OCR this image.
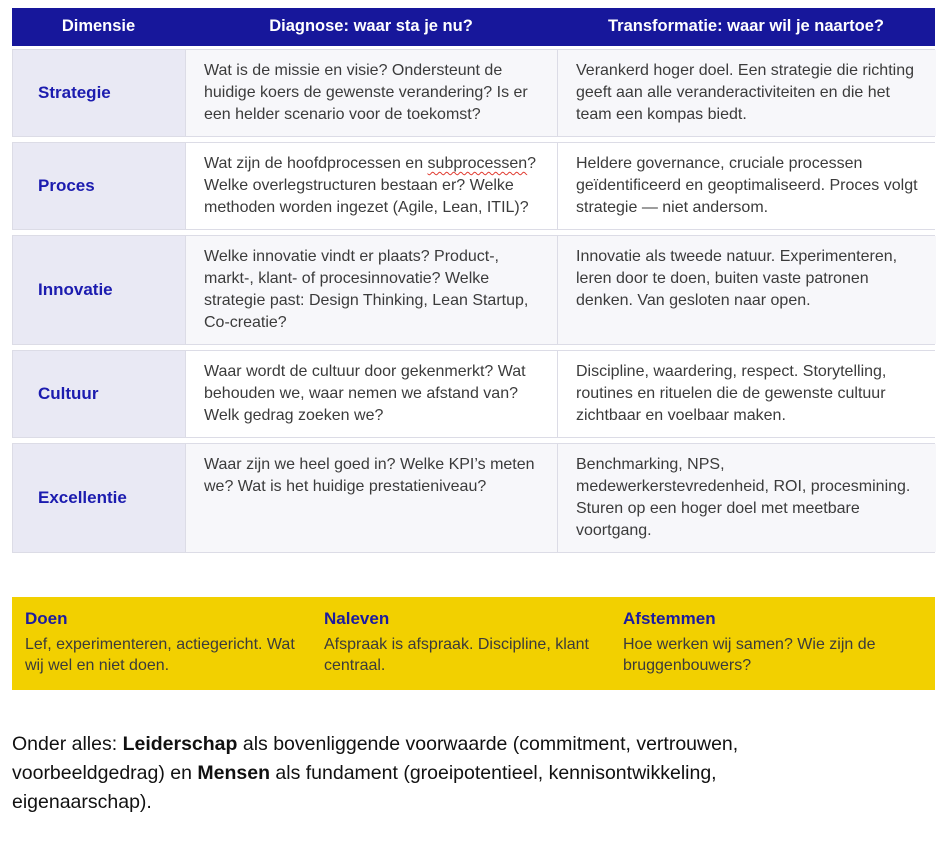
Dimensie	Diagnose: waar sta je nu?	Transformatie: waar wil je naartoe?
Strategie
Wat is de missie en visie? Ondersteunt de huidige koers de gewenste verandering? Is er een helder scenario voor de toekomst?
Verankerd hoger doel. Een strategie die richting geeft aan alle veranderactiviteiten en die het team een kompas biedt.
Proces
Wat zijn de hoofdprocessen en subprocessen? Welke overlegstructuren bestaan er? Welke methoden worden ingezet (Agile, Lean, ITIL)?
Heldere governance, cruciale processen geïdentificeerd en geoptimaliseerd. Proces volgt strategie — niet andersom.
Innovatie
Welke innovatie vindt er plaats? Product-, markt-, klant- of procesinnovatie? Welke strategie past: Design Thinking, Lean Startup, Co-creatie?
Innovatie als tweede natuur. Experimenteren, leren door te doen, buiten vaste patronen denken. Van gesloten naar open.
Cultuur
Waar wordt de cultuur door gekenmerkt? Wat behouden we, waar nemen we afstand van? Welk gedrag zoeken we?
Discipline, waardering, respect. Storytelling, routines en rituelen die de gewenste cultuur zichtbaar en voelbaar maken.
Excellentie
Waar zijn we heel goed in? Welke KPI’s meten we? Wat is het huidige prestatieniveau?
Benchmarking, NPS, medewerkerstevredenheid, ROI, procesmining. Sturen op een hoger doel met meetbare voortgang.
Doen
Lef, experimenteren, actiegericht. Wat wij wel en niet doen.
Naleven
Afspraak is afspraak. Discipline, klant centraal.
Afstemmen
Hoe werken wij samen? Wie zijn de bruggenbouwers?

Onder alles: Leiderschap als bovenliggende voorwaarde (commitment, vertrouwen, voorbeeldgedrag) en Mensen als fundament (groeipotentieel, kennisontwikkeling, eigenaarschap).
